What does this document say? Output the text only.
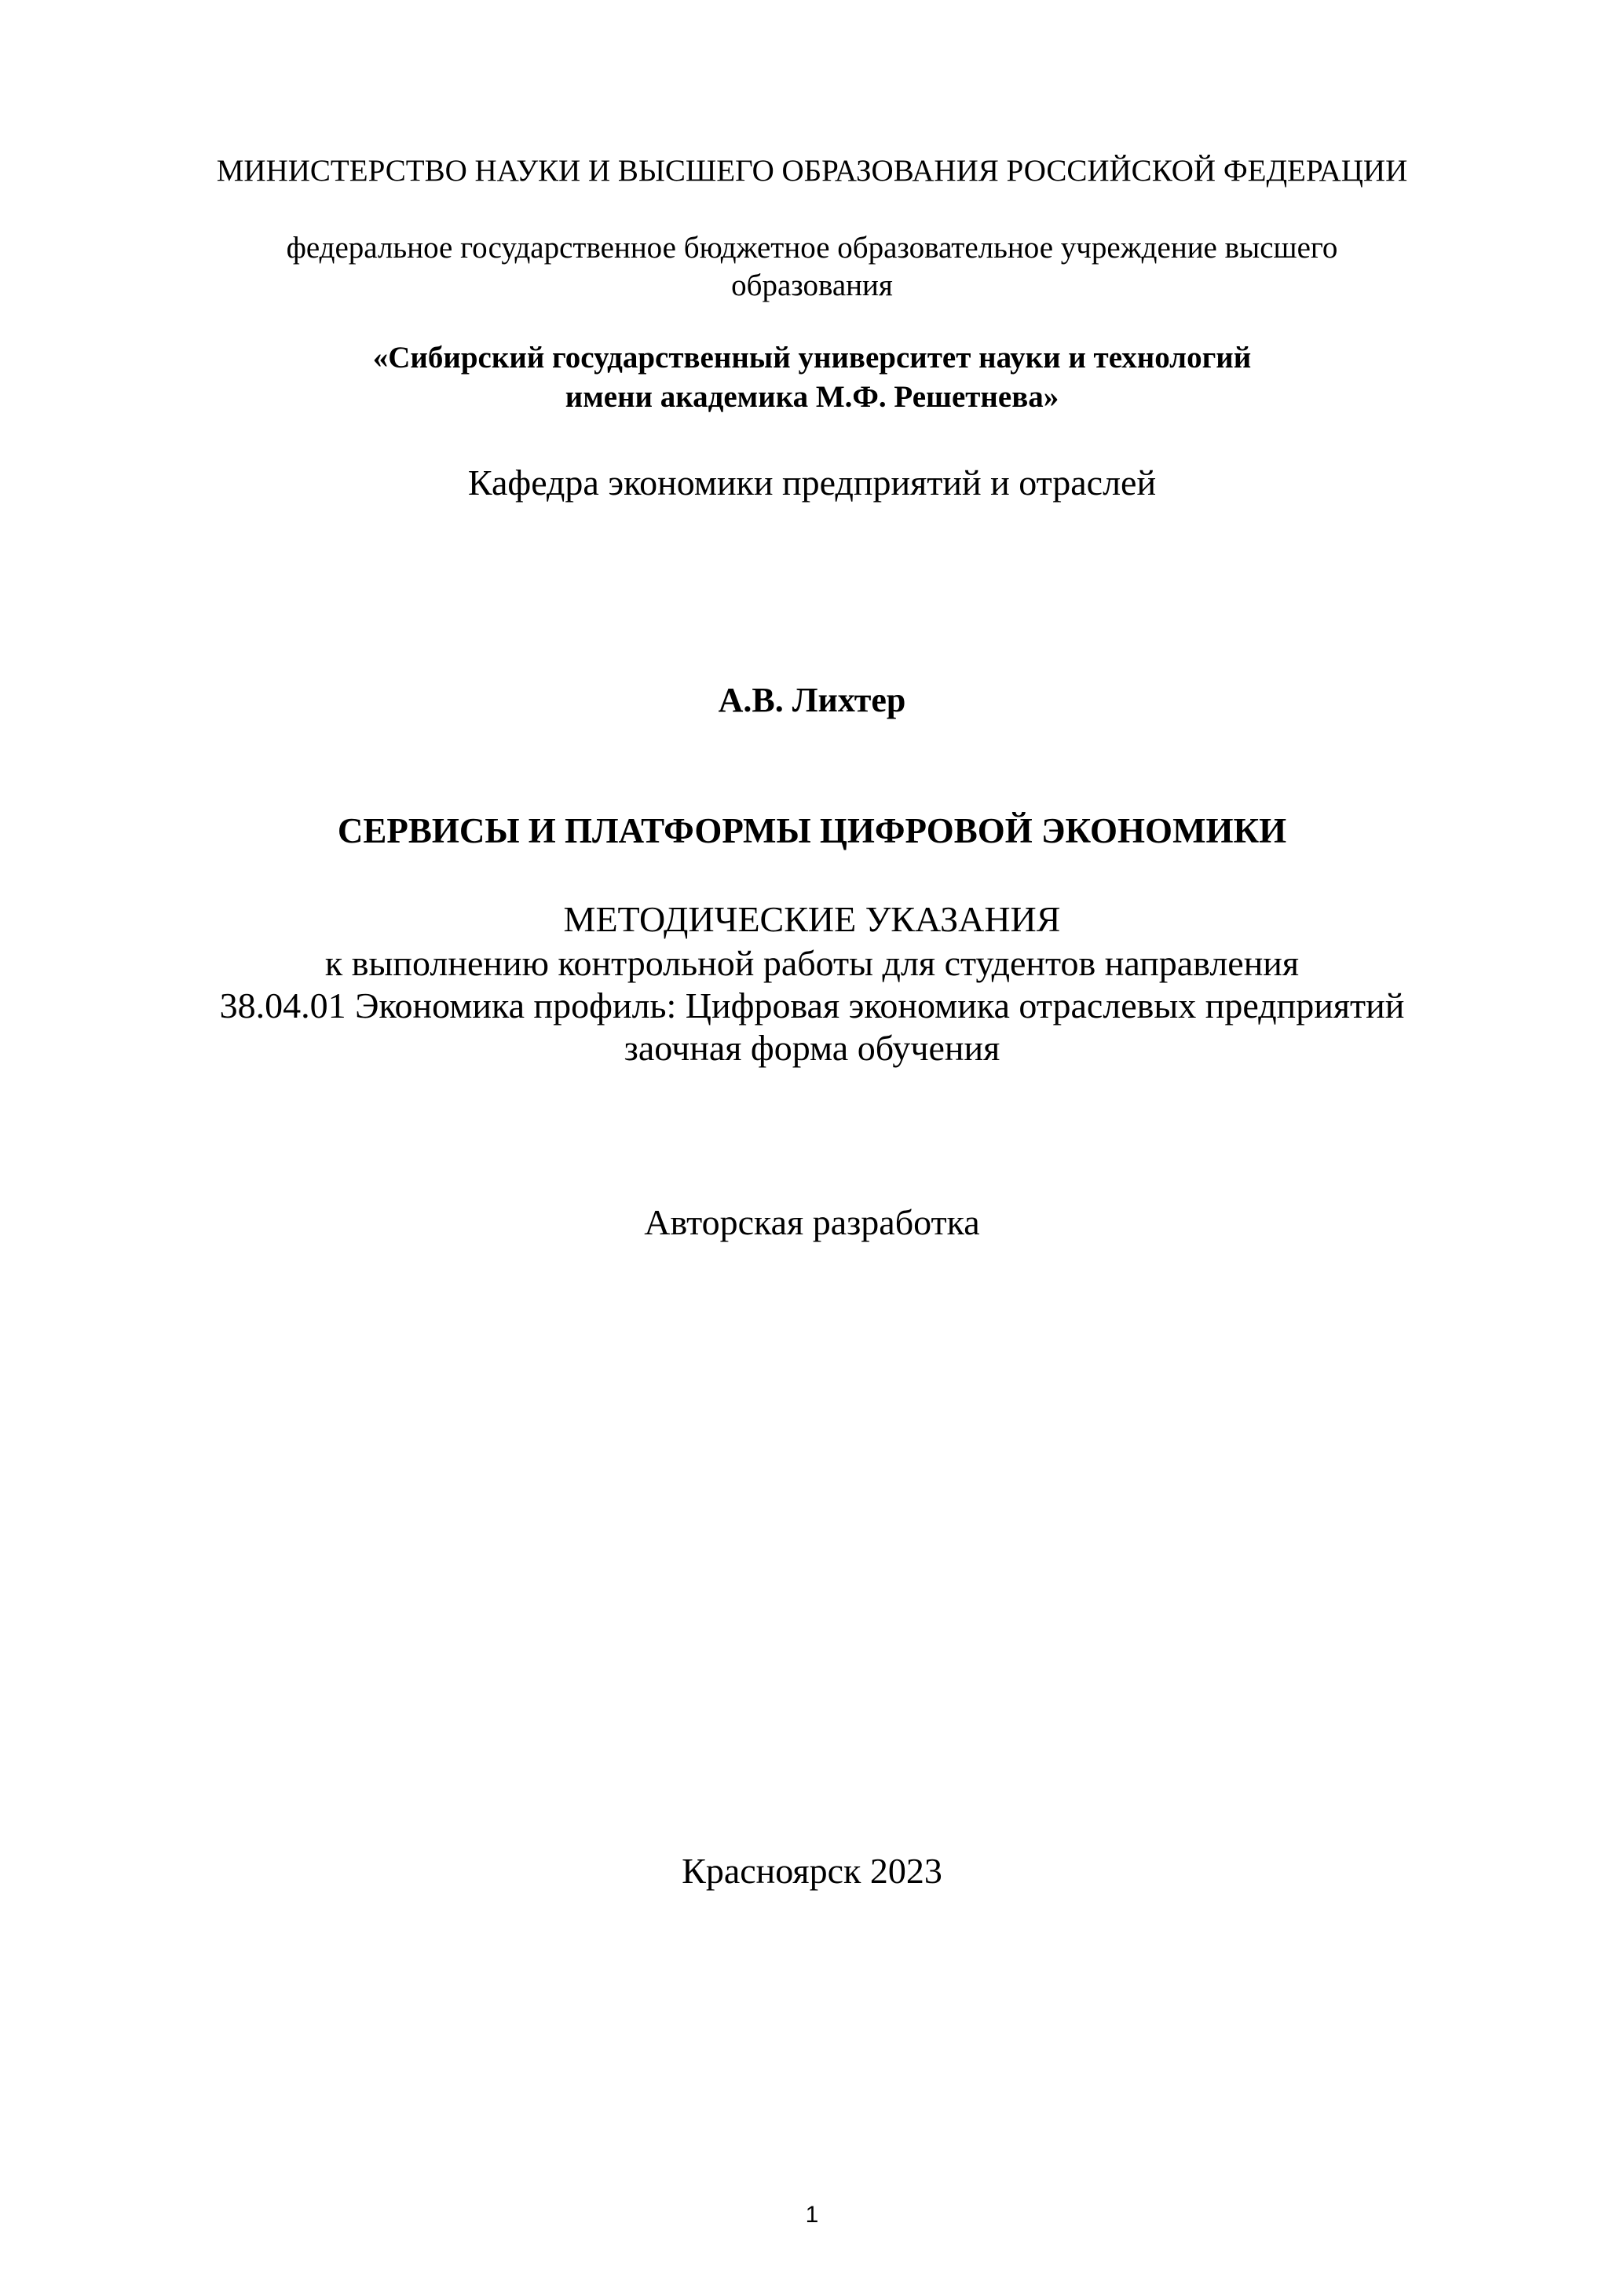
МИНИСТЕРСТВО НАУКИ И ВЫСШЕГО ОБРАЗОВАНИЯ РОССИЙСКОЙ ФЕДЕРАЦИИ
федеральное государственное бюджетное образовательное учреждение высшего
образования
«Сибирский государственный университет науки и технологий
имени академика М.Ф. Решетнева»
Кафедра экономики предприятий и отраслей
А.В. Лихтер
СЕРВИСЫ И ПЛАТФОРМЫ ЦИФРОВОЙ ЭКОНОМИКИ
МЕТОДИЧЕСКИЕ УКАЗАНИЯ
к выполнению контрольной работы для студентов направления
38.04.01 Экономика профиль: Цифровая экономика отраслевых предприятий
заочная форма обучения
Авторская разработка
Красноярск 2023
1
